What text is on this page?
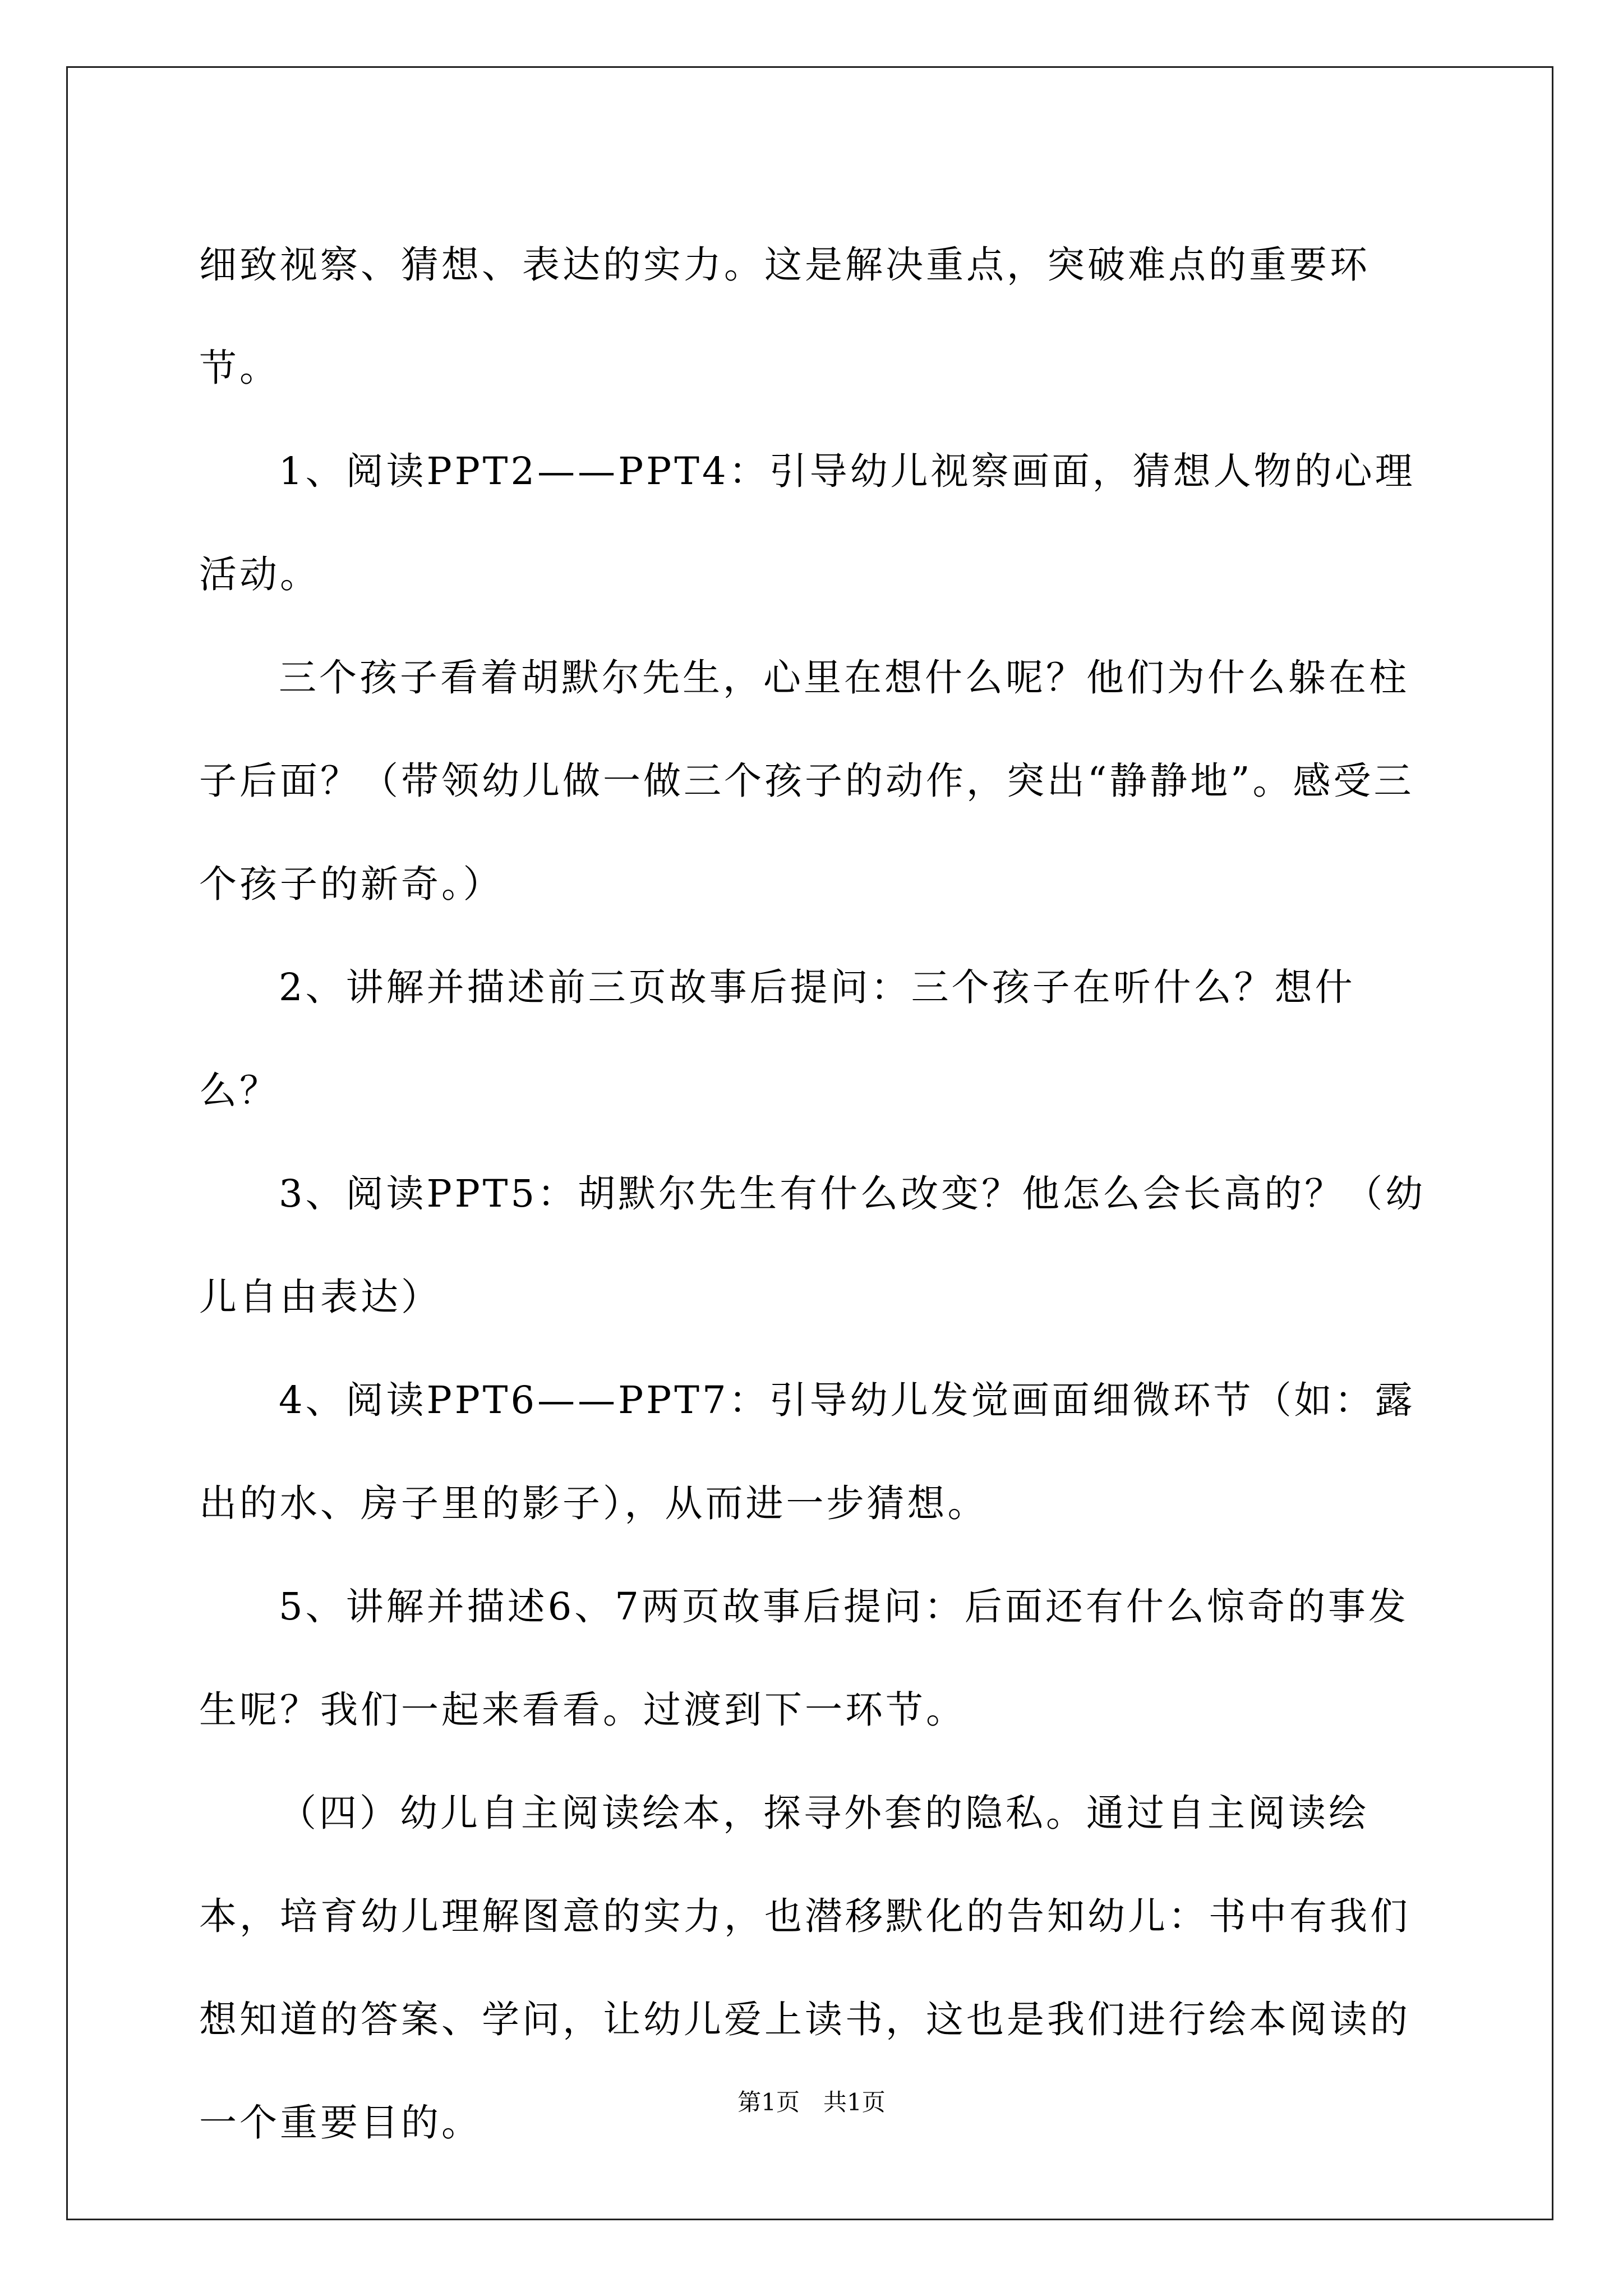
细致视察、猜想、表达的实力。这是解决重点，突破难点的重要环节。

1、阅读PPT2——PPT4：引导幼儿视察画面，猜想人物的心理活动。

三个孩子看着胡默尔先生，心里在想什么呢？他们为什么躲在柱子后面？（带领幼儿做一做三个孩子的动作，突出“静静地”。感受三个孩子的新奇。）

2、讲解并描述前三页故事后提问：三个孩子在听什么？想什么？

3、阅读PPT5：胡默尔先生有什么改变？他怎么会长高的？（幼儿自由表达）

4、阅读PPT6——PPT7：引导幼儿发觉画面细微环节（如：露出的水、房子里的影子），从而进一步猜想。

5、讲解并描述6、7两页故事后提问：后面还有什么惊奇的事发生呢？我们一起来看看。过渡到下一环节。

（四）幼儿自主阅读绘本，探寻外套的隐私。通过自主阅读绘本，培育幼儿理解图意的实力，也潜移默化的告知幼儿：书中有我们想知道的答案、学问，让幼儿爱上读书，这也是我们进行绘本阅读的一个重要目的。	第1页　共1页
